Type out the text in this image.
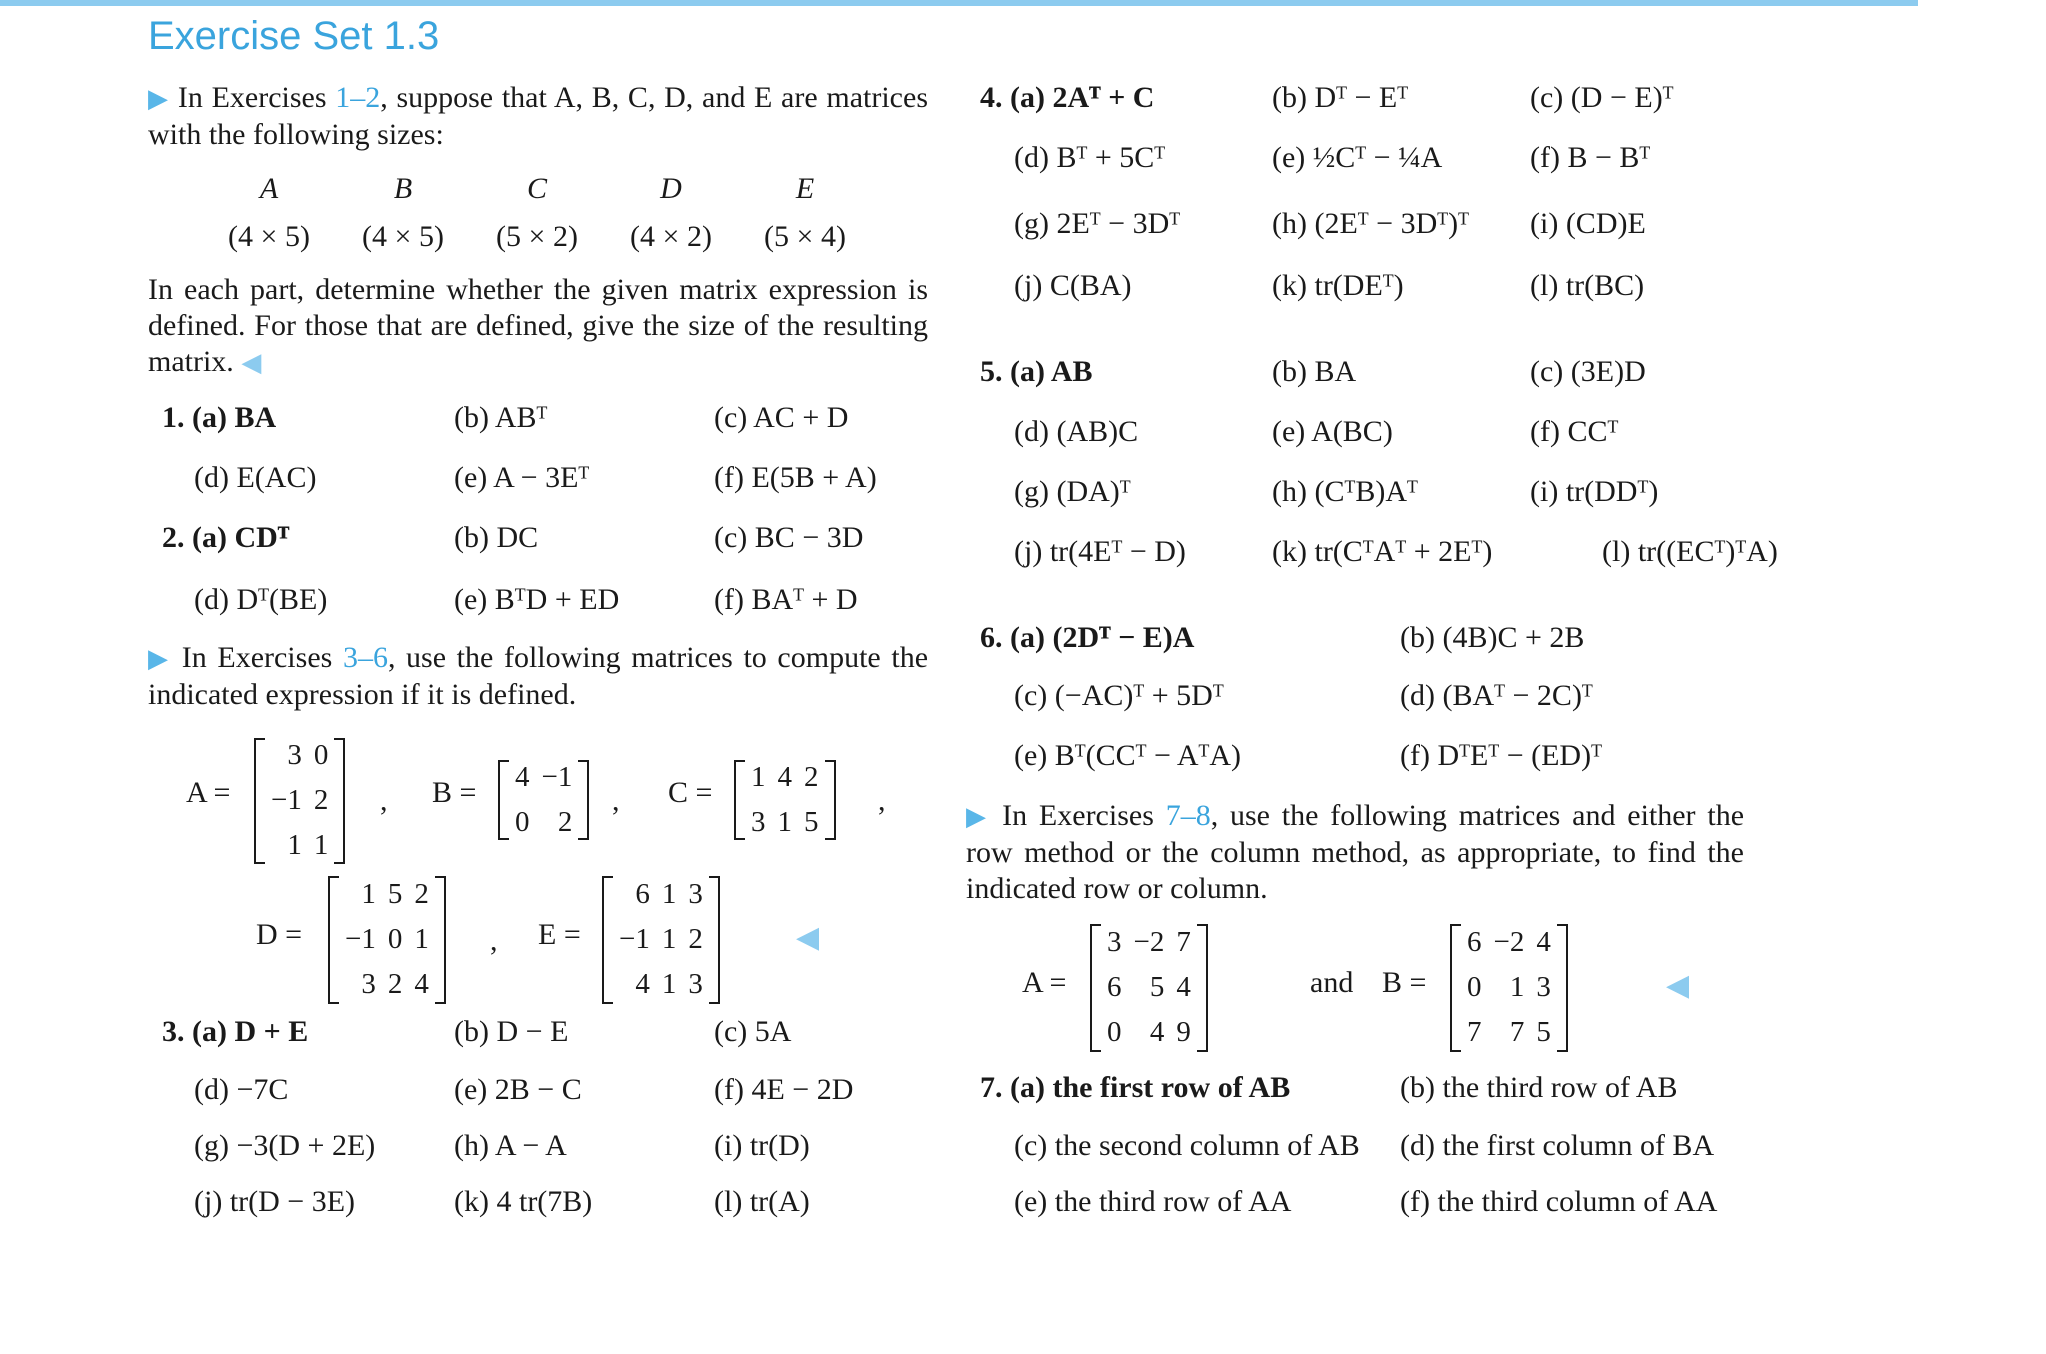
Exercise Set 1.3
▶ In Exercises 1–2, suppose that A, B, C, D, and E are matrices with the following sizes:
A	B	C	D	E
(4 × 5)	(4 × 5)	(5 × 2)	(4 × 2)	(5 × 4)
In each part, determine whether the given matrix expression is defined. For those that are defined, give the size of the resulting matrix. ◀
1. (a) BA	(b) ABᵀ	(c) AC + D
(d) E(AC)	(e) A − 3Eᵀ	(f) E(5B + A)
2. (a) CDᵀ	(b) DC	(c) BC − 3D
(d) Dᵀ(BE)	(e) BᵀD + ED	(f) BAᵀ + D
▶ In Exercises 3–6, use the following matrices to compute the indicated expression if it is defined.
A =
3 0
−1 2
1 1
, B = 4 −1
0 2
, C = 1 4 2
3 1 5
,
D =
1 5 2
−1 0 1
3 2 4
, E =
6 1 3
−1 1 2
4 1 3
◀
3. (a) D + E	(b) D − E	(c) 5A
(d) −7C	(e) 2B − C	(f) 4E − 2D
(g) −3(D + 2E)	(h) A − A	(i) tr(D)
(j) tr(D − 3E)	(k) 4 tr(7B)	(l) tr(A)
4. (a) 2Aᵀ + C	(b) Dᵀ − Eᵀ	(c) (D − E)ᵀ
(d) Bᵀ + 5Cᵀ	(e) ½Cᵀ − ¼A	(f) B − Bᵀ
(g) 2Eᵀ − 3Dᵀ	(h) (2Eᵀ − 3Dᵀ)ᵀ (i) (CD)E
(j) C(BA)	(k) tr(DEᵀ)	(l) tr(BC)
5. (a) AB	(b) BA	(c) (3E)D
(d) (AB)C	(e) A(BC)	(f) CCᵀ
(g) (DA)ᵀ	(h) (CᵀB)Aᵀ	(i) tr(DDᵀ)
(j) tr(4Eᵀ − D)	(k) tr(CᵀAᵀ + 2Eᵀ)	(l) tr((ECᵀ)ᵀA)
6. (a) (2Dᵀ − E)A	(b) (4B)C + 2B
(c) (−AC)ᵀ + 5Dᵀ	(d) (BAᵀ − 2C)ᵀ
(e) Bᵀ(CCᵀ − AᵀA)	(f) DᵀEᵀ − (ED)ᵀ
▶ In Exercises 7–8, use the following matrices and either the row method or the column method, as appropriate, to find the indicated row or column.
A =
3 −2 7
6 5 4
0 4 9
and B =
6 −2 4
0 1 3
7 7 5
◀
7. (a) the first row of AB	(b) the third row of AB
(c) the second column of AB (d) the first column of BA
(e) the third row of AA	(f) the third column of AA
